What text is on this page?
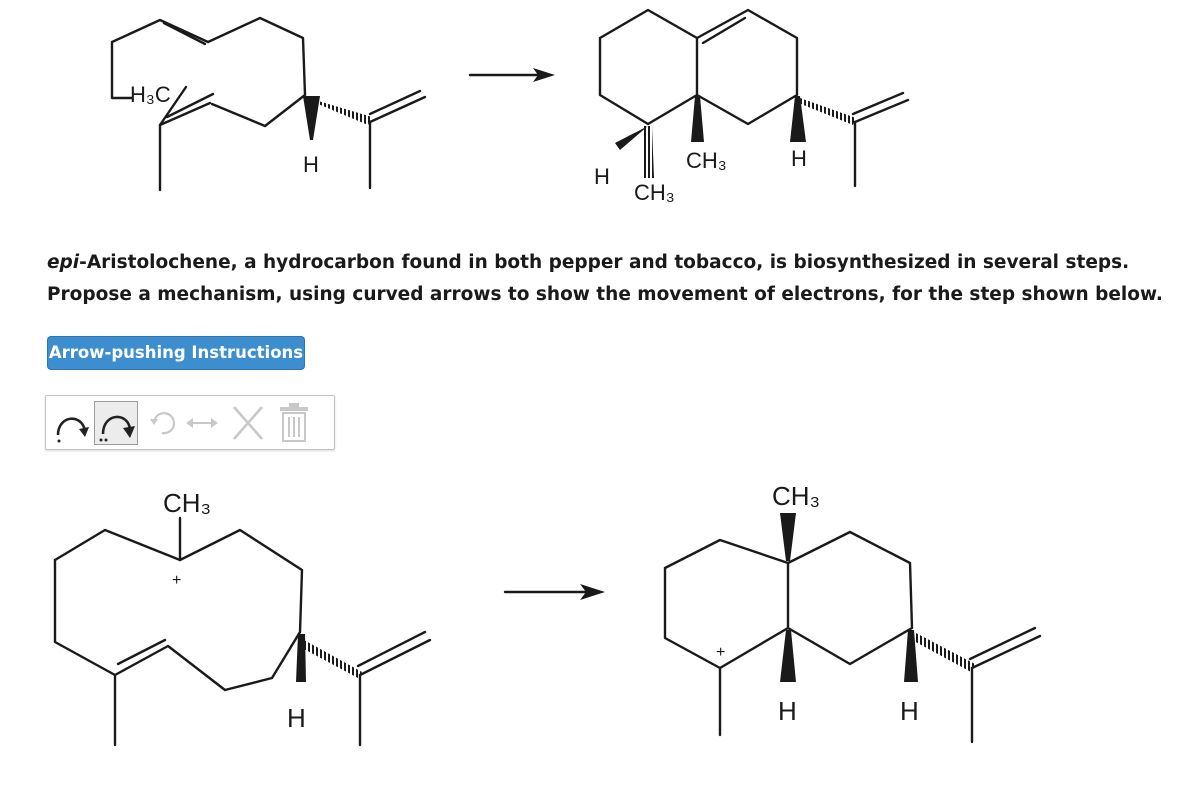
H₃C
H	H
CH₃	H
CH₃

epi-Aristolochene, a hydrocarbon found in both pepper and tobacco, is biosynthesized in several steps. Propose a mechanism, using curved arrows to show the movement of electrons, for the step shown below.

Arrow-pushing Instructions
CH₃
+
H
CH₃
+
H	H
